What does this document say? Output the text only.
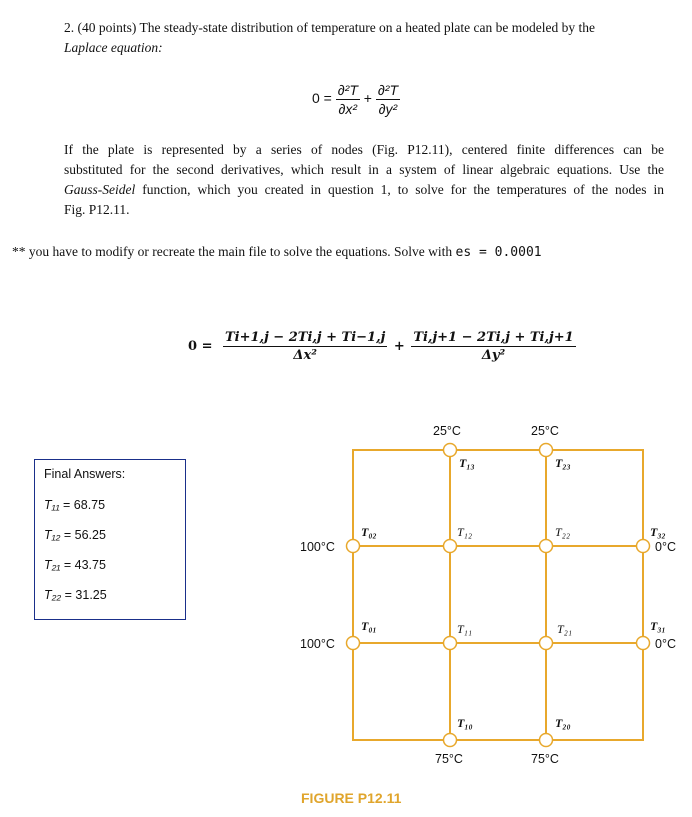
2. (40 points) The steady-state distribution of temperature on a heated plate can be modeled by the
Laplace equation:
$0 = \frac{\text{∂²T}}{\text{∂x²}} + \frac{\text{∂²T}}{\text{∂y²}}$
If the plate is represented by a series of nodes (Fig. P12.11), centered finite differences can be
substituted for the second derivatives, which result in a system of linear algebraic equations. Use the
Gauss-Seidel function, which you created in question 1, to solve for the temperatures of the nodes in
Fig. P12.11.
** you have to modify or recreate the main file to solve the equations. Solve with es = 0.0001
$0 = \frac{Ti+1,j - 2Ti,j + Ti-1,j}{\text{Δx²}} + \frac{Ti,j+1 - 2Ti,j + Ti,j+1}{\text{Δy²}}$
Final Answers:
T₁₁ = 68.75
T₁₂ = 56.25
T₂₁ = 43.75
T₂₂ = 31.25
25°C	25°C
100°C
100°C
0°C
0°C
75°C	75°C
T₁₃	T₂₃
T₀₂	T₁₂	T₂₂	T₃₂
T₀₁	T₁₁	T₂₁	T₃₁
T₁₀	T₂₀
FIGURE P12.11
